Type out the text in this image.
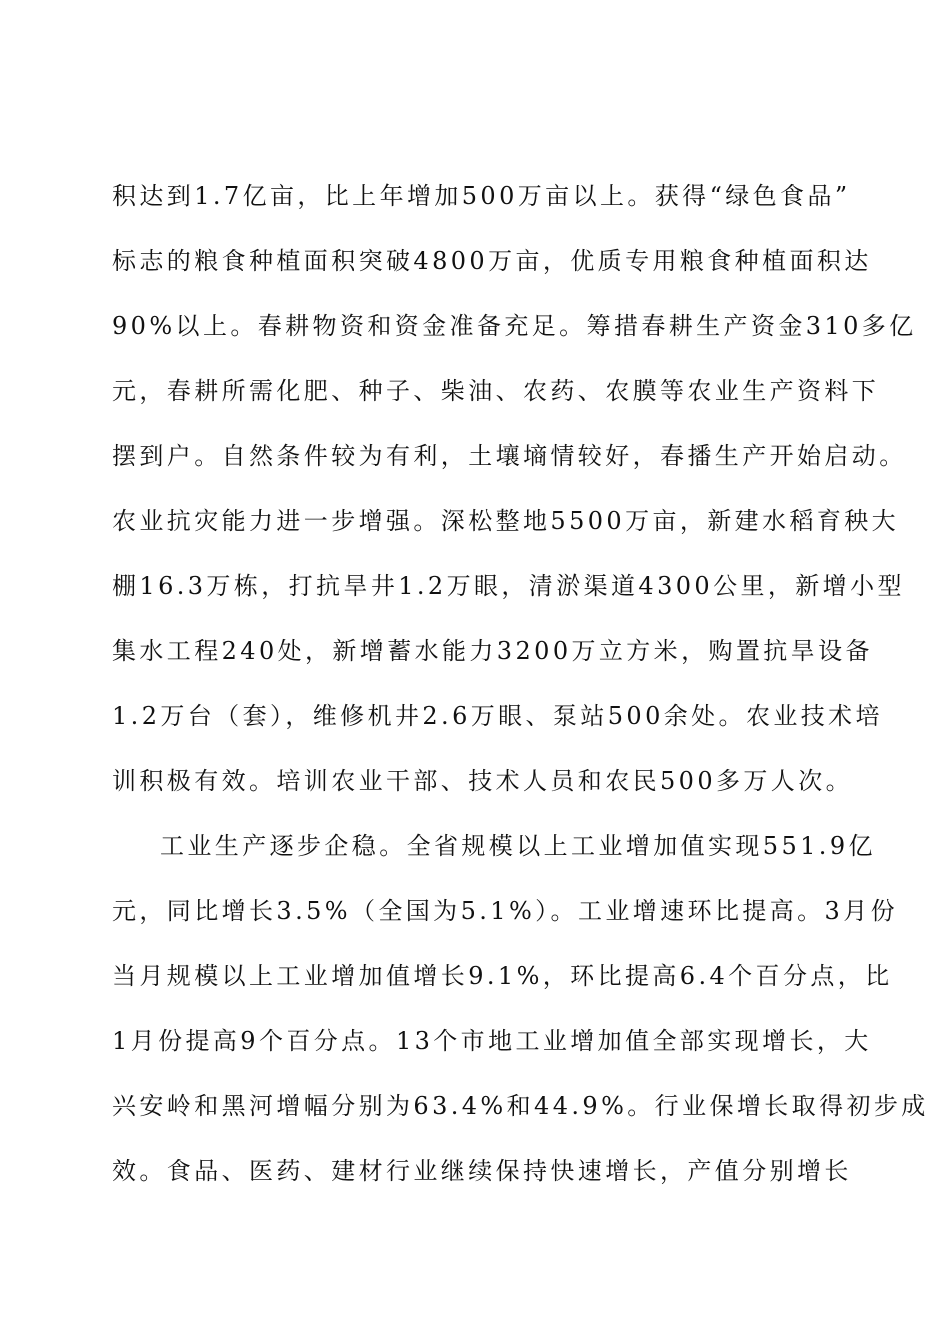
积达到1.7亿亩，比上年增加500万亩以上。获得“绿色食品”
标志的粮食种植面积突破4800万亩，优质专用粮食种植面积达
90%以上。春耕物资和资金准备充足。筹措春耕生产资金310多亿
元，春耕所需化肥、种子、柴油、农药、农膜等农业生产资料下
摆到户。自然条件较为有利，土壤墒情较好，春播生产开始启动。
农业抗灾能力进一步增强。深松整地5500万亩，新建水稻育秧大
棚16.3万栋，打抗旱井1.2万眼，清淤渠道4300公里，新增小型
集水工程240处，新增蓄水能力3200万立方米，购置抗旱设备
1.2万台（套），维修机井2.6万眼、泵站500余处。农业技术培
训积极有效。培训农业干部、技术人员和农民500多万人次。
工业生产逐步企稳。全省规模以上工业增加值实现551.9亿
元，同比增长3.5%（全国为5.1%）。工业增速环比提高。3月份
当月规模以上工业增加值增长9.1%，环比提高6.4个百分点，比
1月份提高9个百分点。13个市地工业增加值全部实现增长，大
兴安岭和黑河增幅分别为63.4%和44.9%。行业保增长取得初步成
效。食品、医药、建材行业继续保持快速增长，产值分别增长
